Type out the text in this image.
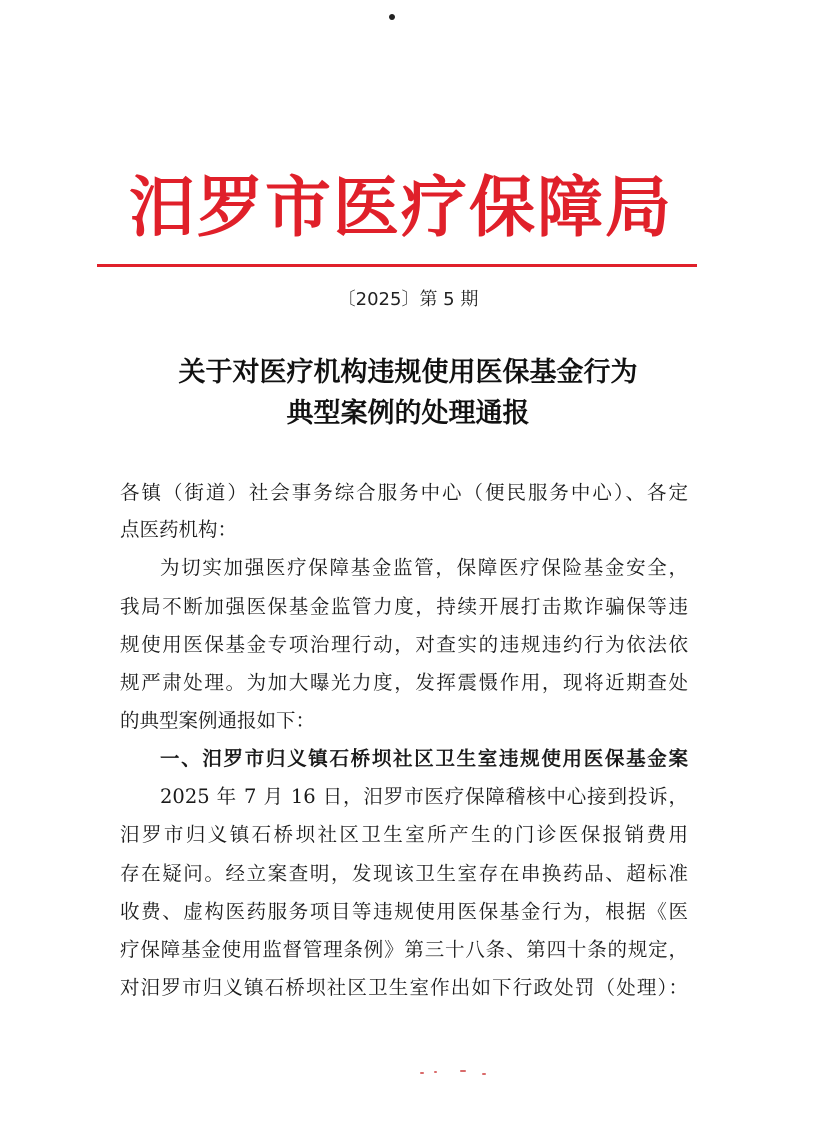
汨罗市医疗保障局
〔2025〕第 5 期
关于对医疗机构违规使用医保基金行为
典型案例的处理通报
各镇（街道）社会事务综合服务中心（便民服务中心）、各定
点医药机构：
为切实加强医疗保障基金监管，保障医疗保险基金安全，
我局不断加强医保基金监管力度，持续开展打击欺诈骗保等违
规使用医保基金专项治理行动，对查实的违规违约行为依法依
规严肃处理。为加大曝光力度，发挥震慑作用，现将近期查处
的典型案例通报如下：
一、汨罗市归义镇石桥坝社区卫生室违规使用医保基金案
2025 年 7 月 16 日，汨罗市医疗保障稽核中心接到投诉，
汨罗市归义镇石桥坝社区卫生室所产生的门诊医保报销费用
存在疑问。经立案查明，发现该卫生室存在串换药品、超标准
收费、虚构医药服务项目等违规使用医保基金行为，根据《医
疗保障基金使用监督管理条例》第三十八条、第四十条的规定，
对汨罗市归义镇石桥坝社区卫生室作出如下行政处罚（处理）：
